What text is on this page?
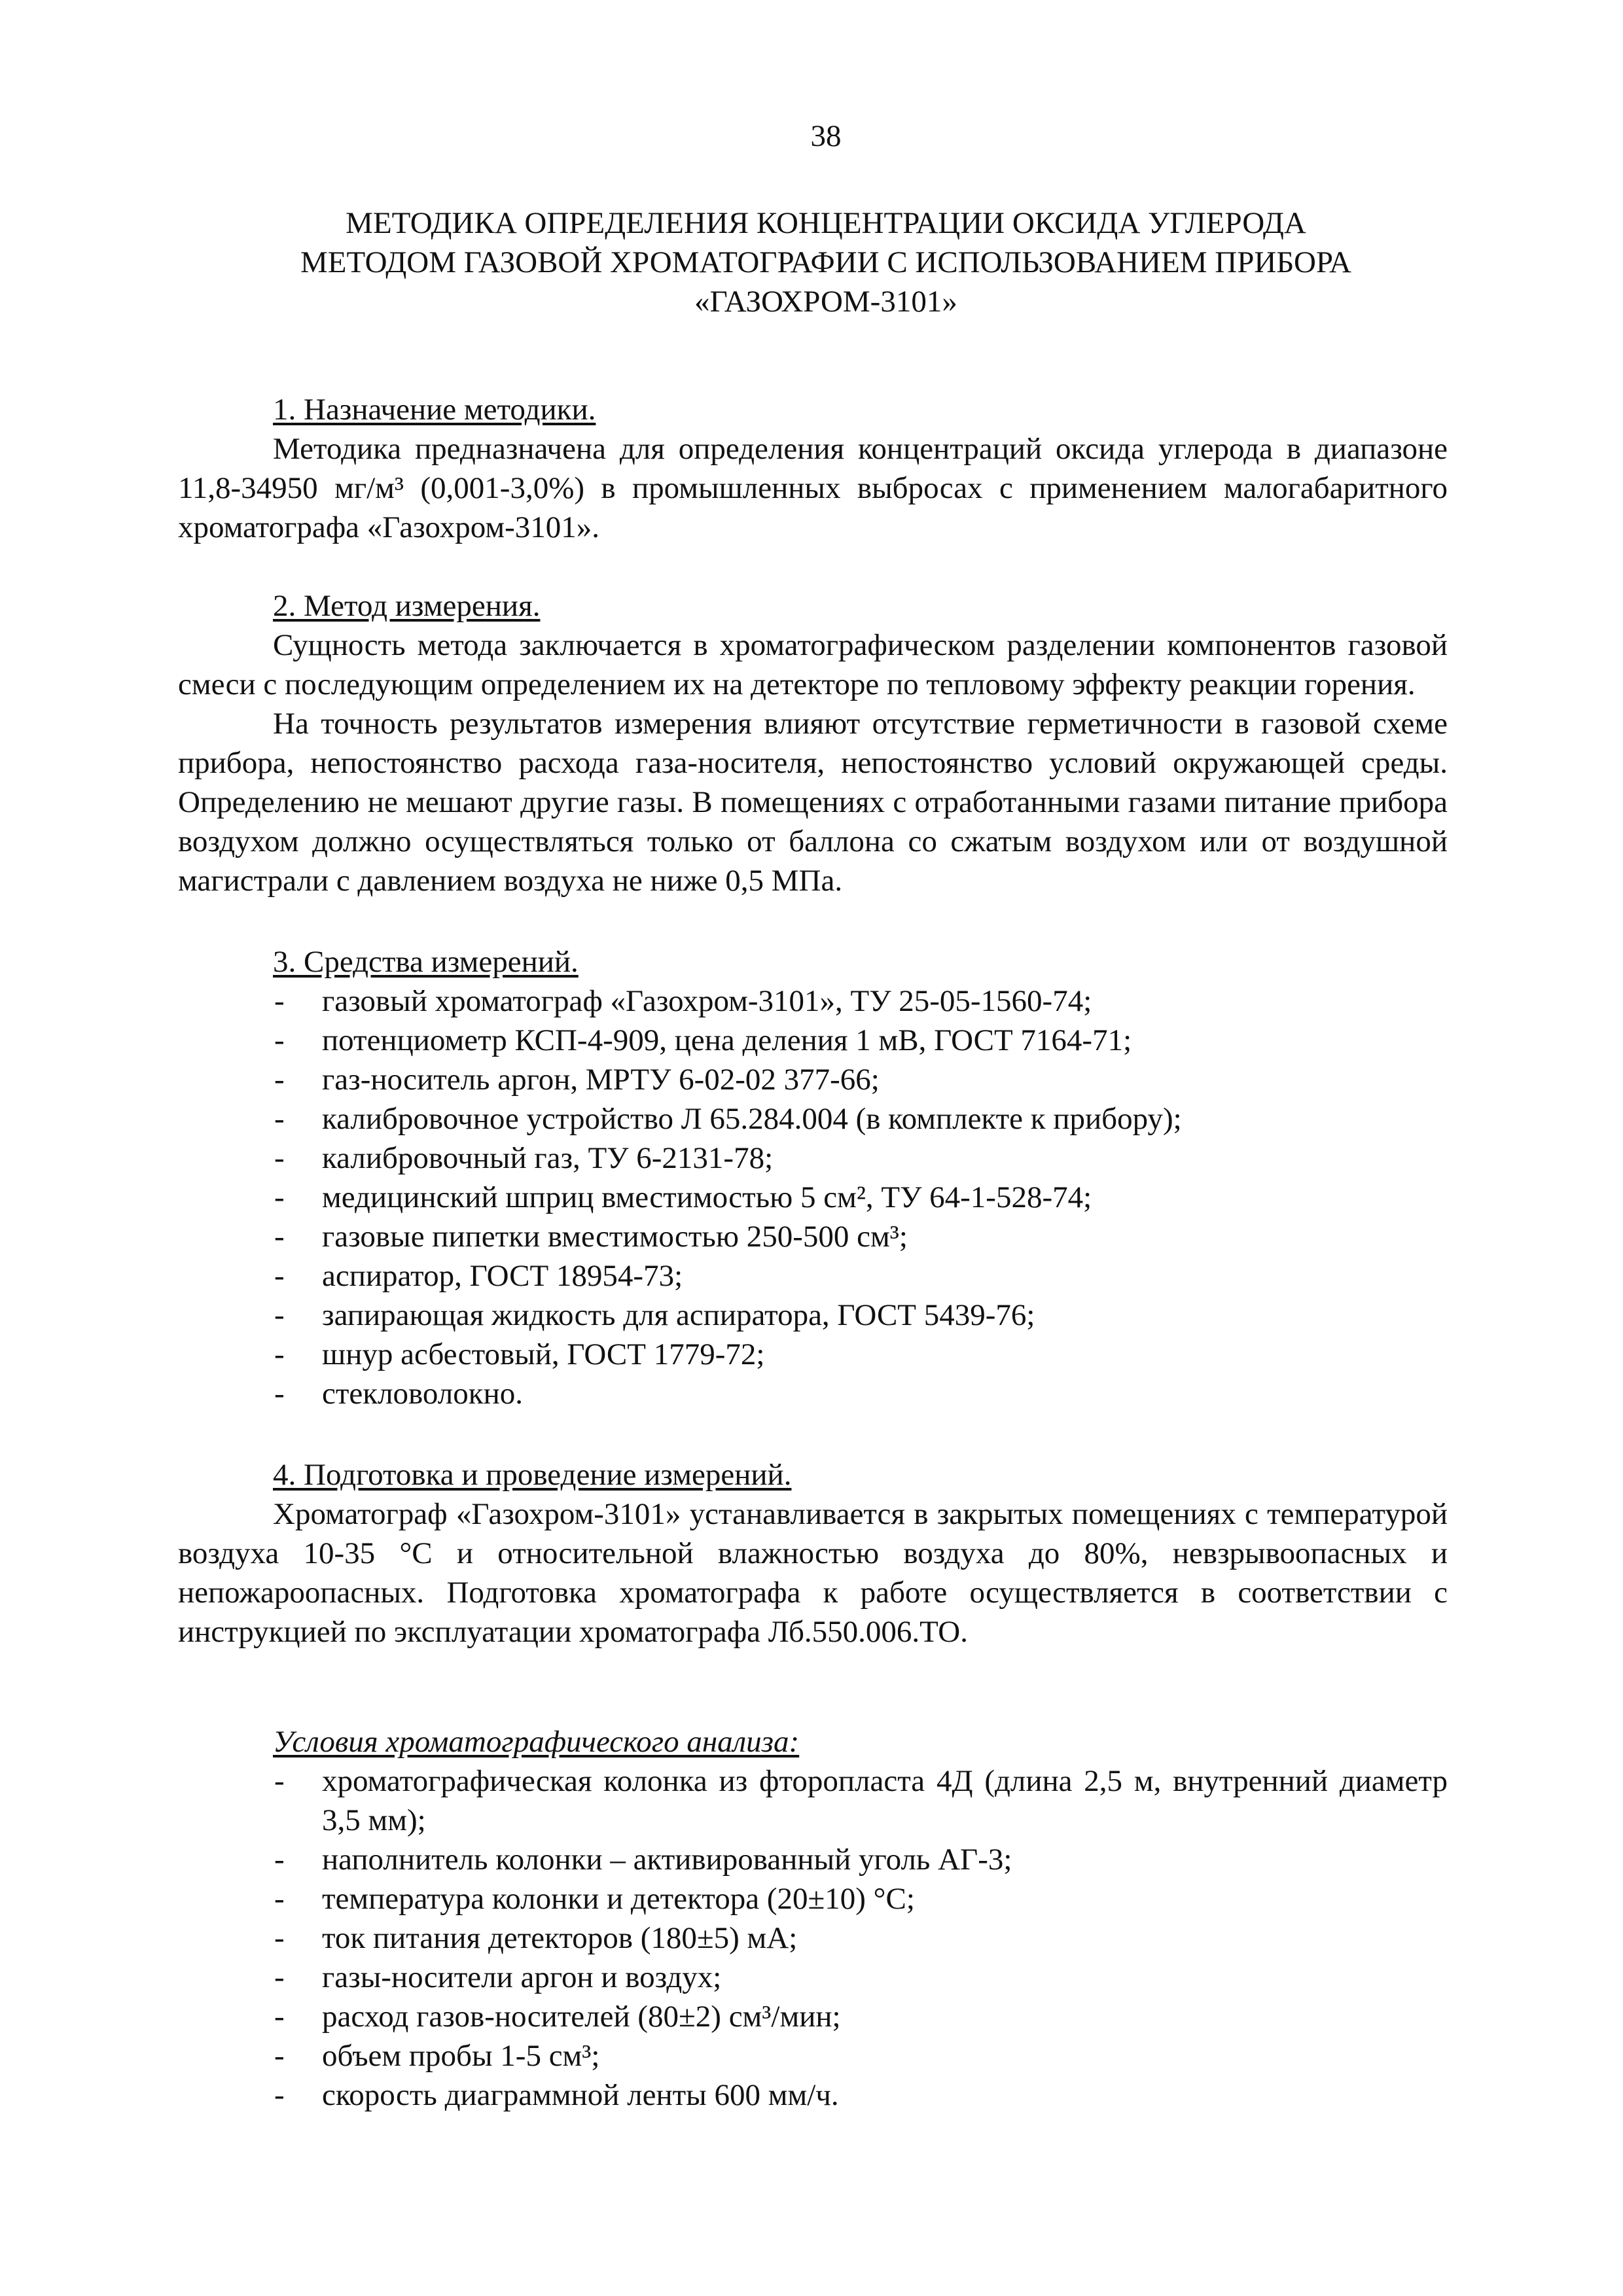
38
МЕТОДИКА ОПРЕДЕЛЕНИЯ КОНЦЕНТРАЦИИ ОКСИДА УГЛЕРОДА
МЕТОДОМ ГАЗОВОЙ ХРОМАТОГРАФИИ С ИСПОЛЬЗОВАНИЕМ ПРИБОРА
«ГАЗОХРОМ-3101»
1. Назначение методики.

Методика предназначена для определения концентраций оксида углерода в диапазоне 11,8-34950 мг/м³ (0,001-3,0%) в промышленных выбросах с применением малогабаритного хроматографа «Газохром-3101».

2. Метод измерения.

Сущность метода заключается в хроматографическом разделении компонентов газовой смеси с последующим определением их на детекторе по тепловому эффекту реакции горения.

На точность результатов измерения влияют отсутствие герметичности в газовой схеме прибора, непостоянство расхода газа-носителя, непостоянство условий окружающей среды. Определению не мешают другие газы. В помещениях с отработанными газами питание прибора воздухом должно осуществляться только от баллона со сжатым воздухом или от воздушной магистрали с давлением воздуха не ниже 0,5 МПа.

3. Средства измерений.
- газовый хроматограф «Газохром-3101», ТУ 25-05-1560-74;
- потенциометр КСП-4-909, цена деления 1 мВ, ГОСТ 7164-71;
- газ-носитель аргон, МРТУ 6-02-02 377-66;
- калибровочное устройство Л 65.284.004 (в комплекте к прибору);
- калибровочный газ, ТУ 6-2131-78;
- медицинский шприц вместимостью 5 см², ТУ 64-1-528-74;
- газовые пипетки вместимостью 250-500 см³;
- аспиратор, ГОСТ 18954-73;
- запирающая жидкость для аспиратора, ГОСТ 5439-76;
- шнур асбестовый, ГОСТ 1779-72;
- стекловолокно.
4. Подготовка и проведение измерений.

Хроматограф «Газохром-3101» устанавливается в закрытых помещениях с температурой воздуха 10-35 °С и относительной влажностью воздуха до 80%, невзрывоопасных и непожароопасных. Подготовка хроматографа к работе осуществляется в соответствии с инструкцией по эксплуатации хроматографа Лб.550.006.ТО.

Условия хроматографического анализа:
- хроматографическая колонка из фторопласта 4Д (длина 2,5 м, внутренний диаметр 3,5 мм);
- наполнитель колонки – активированный уголь АГ-3;
- температура колонки и детектора (20±10) °С;
- ток питания детекторов (180±5) мА;
- газы-носители аргон и воздух;
- расход газов-носителей (80±2) см³/мин;
- объем пробы 1-5 см³;
- скорость диаграммной ленты 600 мм/ч.
